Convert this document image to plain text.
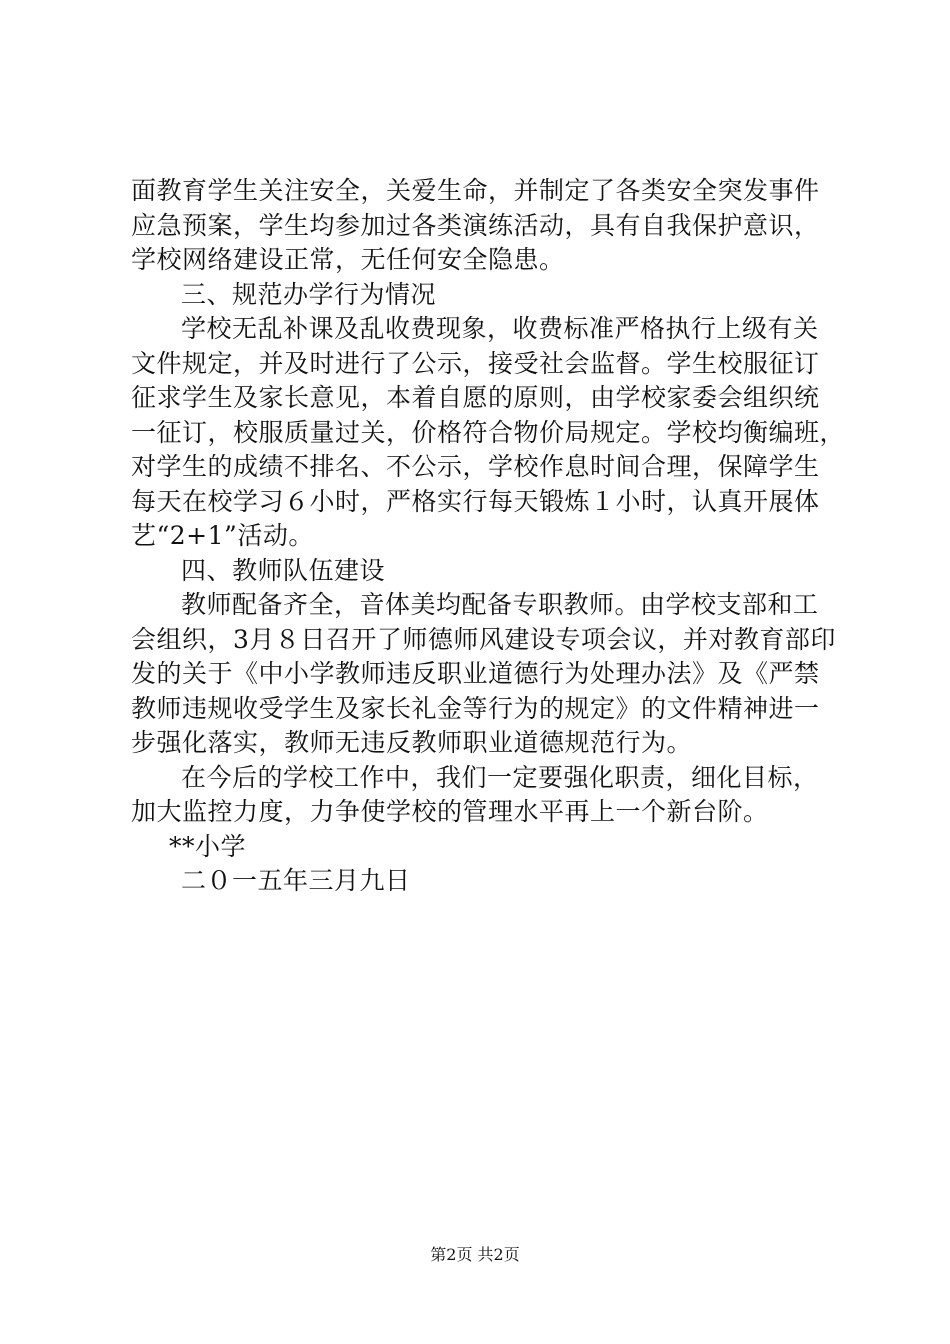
面教育学生关注安全，关爱生命，并制定了各类安全突发事件
应急预案，学生均参加过各类演练活动，具有自我保护意识，
学校网络建设正常，无任何安全隐患。
三、规范办学行为情况
学校无乱补课及乱收费现象，收费标准严格执行上级有关
文件规定，并及时进行了公示，接受社会监督。学生校服征订
征求学生及家长意见，本着自愿的原则，由学校家委会组织统
一征订，校服质量过关，价格符合物价局规定。学校均衡编班，
对学生的成绩不排名、不公示，学校作息时间合理，保障学生
每天在校学习６小时，严格实行每天锻炼１小时，认真开展体
艺“2+1”活动。
四、教师队伍建设
教师配备齐全，音体美均配备专职教师。由学校支部和工
会组织，3月８日召开了师德师风建设专项会议，并对教育部印
发的关于《中小学教师违反职业道德行为处理办法》及《严禁
教师违规收受学生及家长礼金等行为的规定》的文件精神进一
步强化落实，教师无违反教师职业道德规范行为。
在今后的学校工作中，我们一定要强化职责，细化目标，
加大监控力度，力争使学校的管理水平再上一个新台阶。
**小学
二０一五年三月九日
第2页 共2页
